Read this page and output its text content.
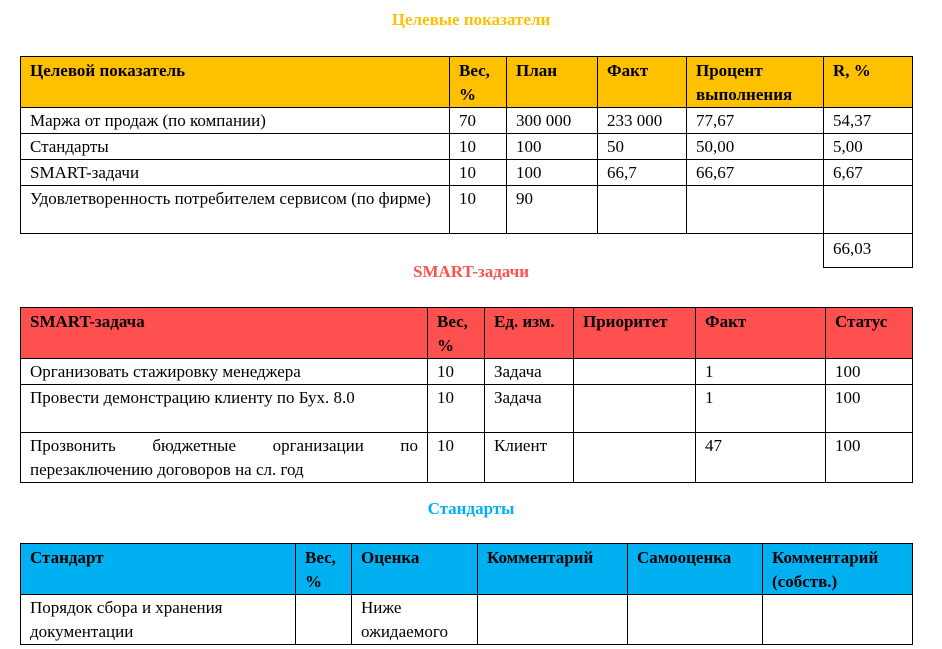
Целевые показатели
Целевой показатель	Вес, %	План	Факт	Процент выполнения	R, %
Маржа от продаж (по компании)	70	300 000	233 000	77,67	54,37
Стандарты	10	100	50	50,00	5,00
SMART-задачи	10	100	66,7	66,67	6,67
Удовлетворенность потребителем сервисом (по фирме)	10	90			
					66,03
SMART-задачи
SMART-задача	Вес, %	Ед. изм.	Приоритет	Факт	Статус
Организовать стажировку менеджера	10	Задача		1	100
Провести демонстрацию клиенту по Бух. 8.0	10	Задача		1	100
Прозвонить бюджетные организации по перезаключению договоров на сл. год	10	Клиент		47	100
Стандарты
Стандарт	Вес, %	Оценка	Комментарий	Самооценка	Комментарий (собств.)
Порядок сбора и хранения документации		Ниже ожидаемого			
